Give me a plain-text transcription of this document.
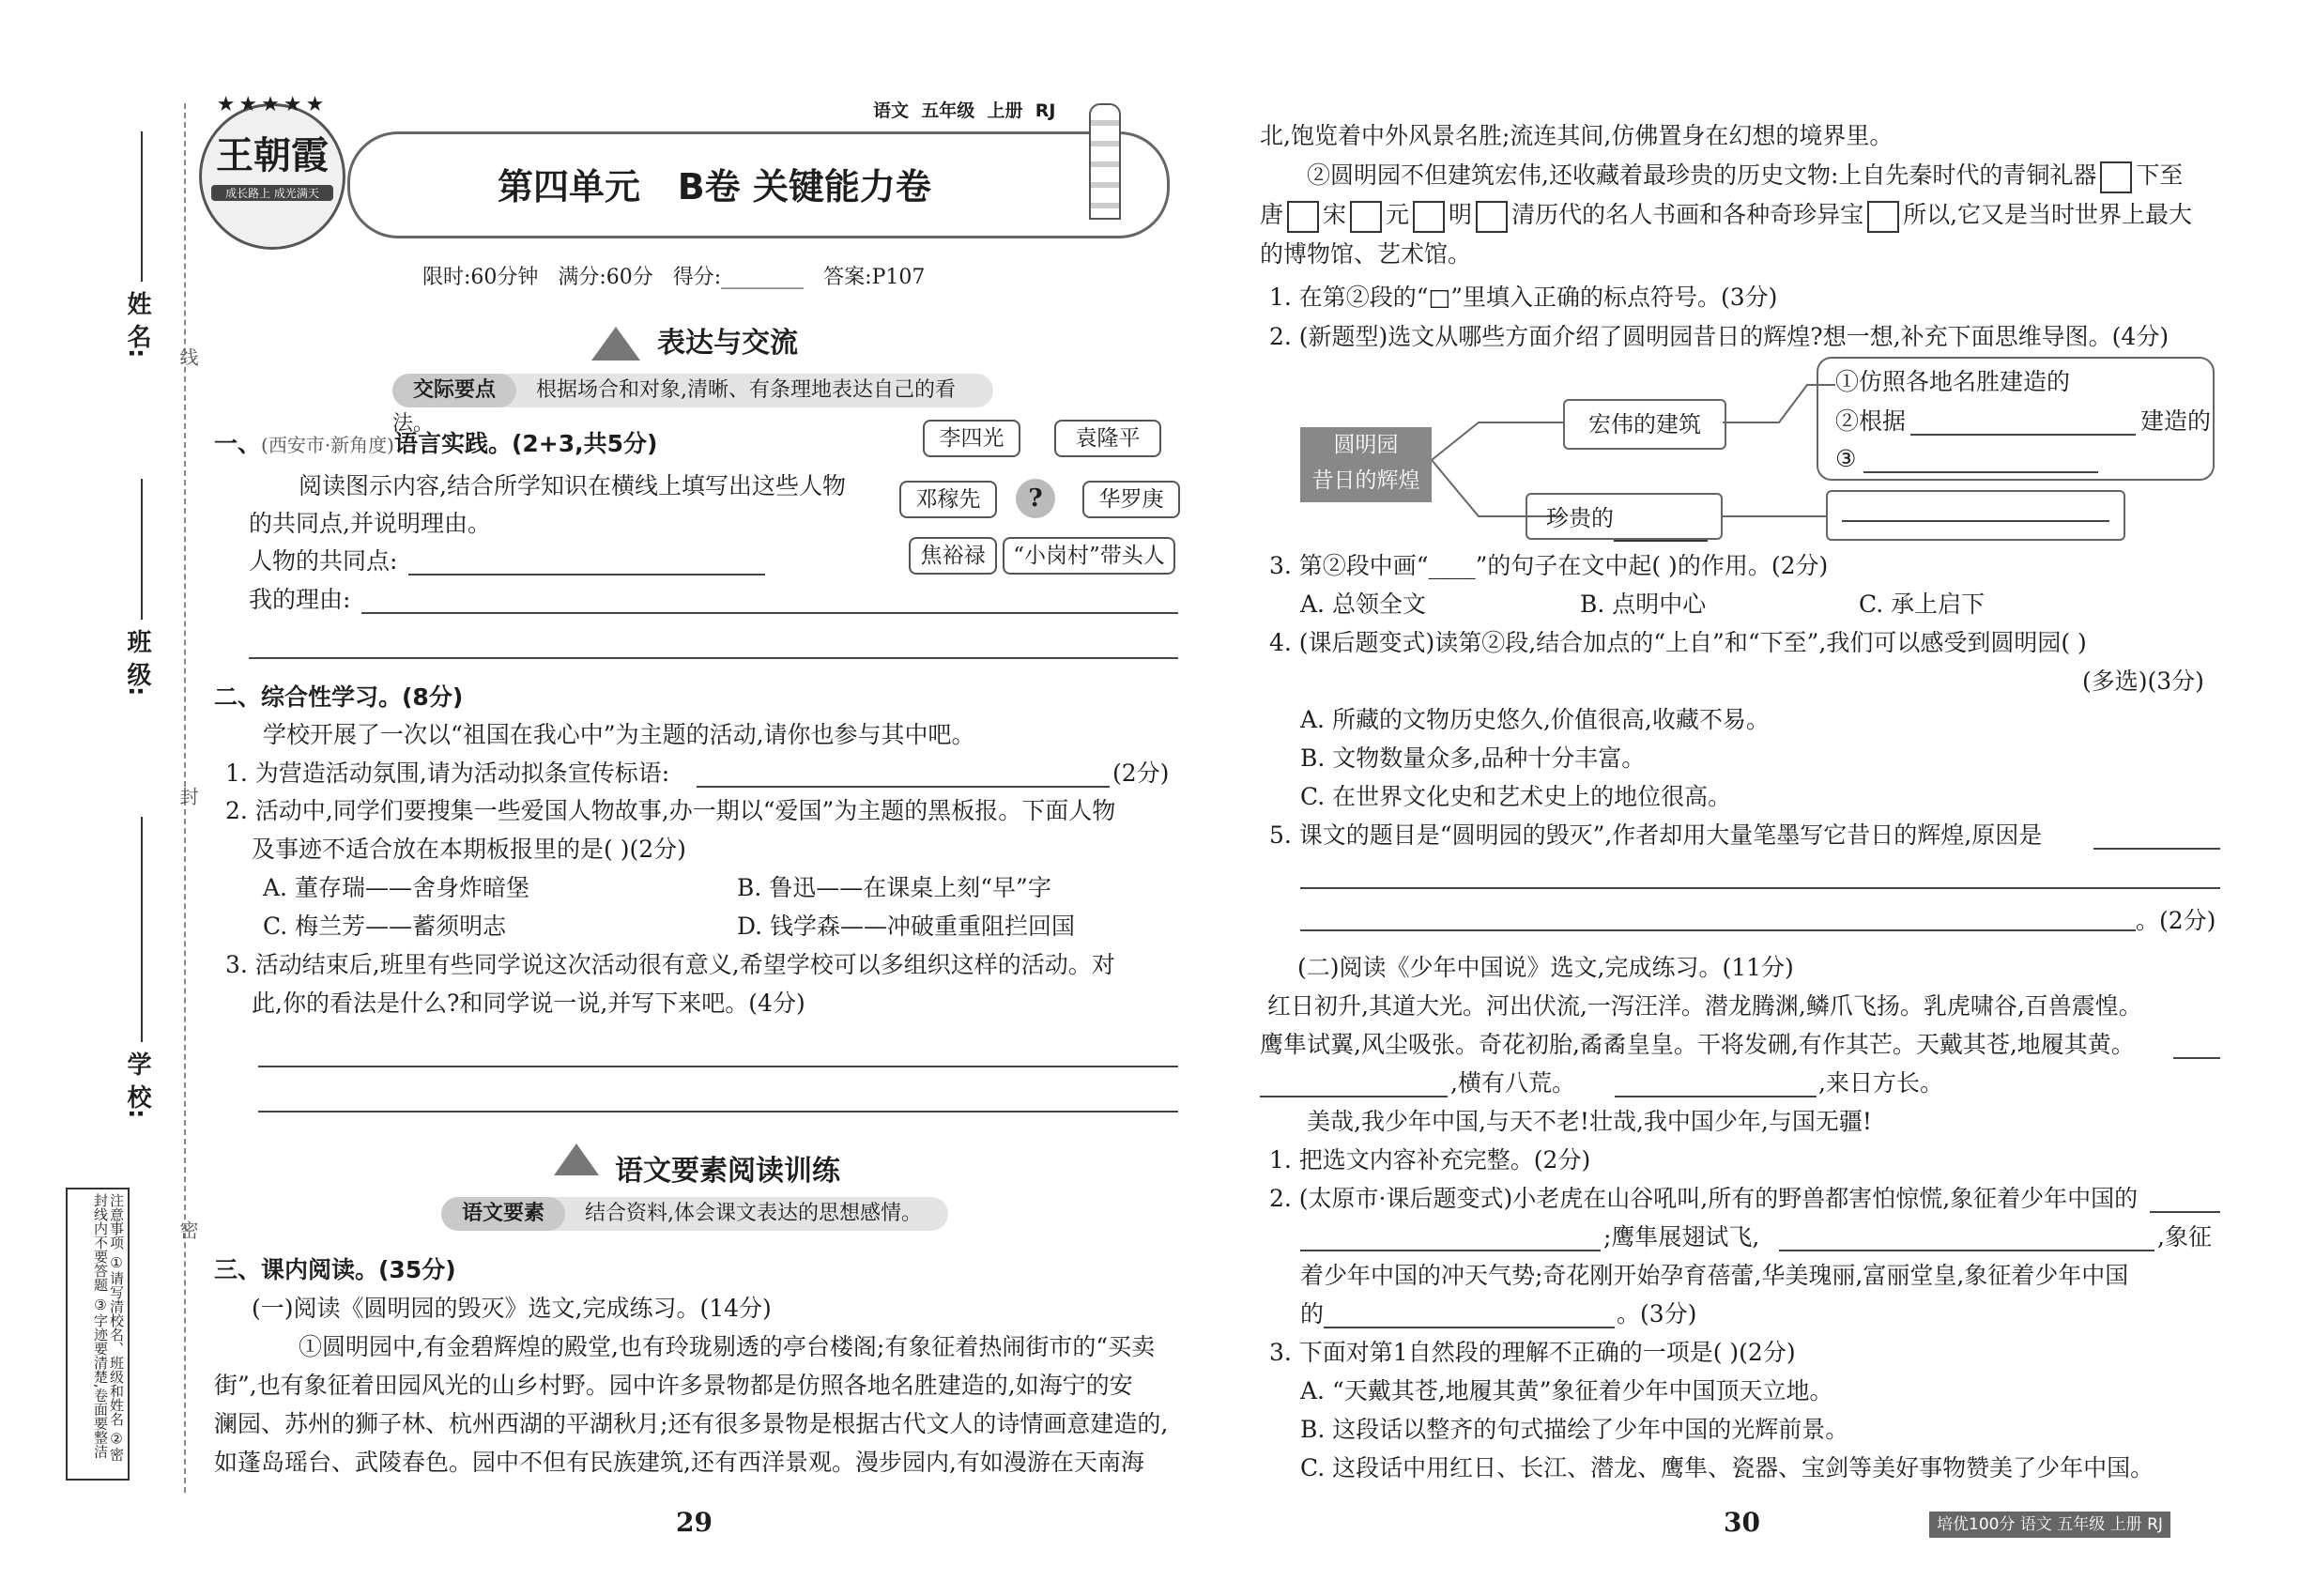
姓 名:
班 级:
学 校:
线
封
密
注意事项 ①请写清校名、班级和姓名 ②密封线内不要答题 ③字迹要清楚,卷面要整洁
★★★★★
王朝霞
成长路上 成光满天
语文  五年级  上册  RJ
第四单元   B卷 关键能力卷
限时:60分钟   满分:60分   得分:________   答案:P107
表达与交流
交际要点 根据场合和对象,清晰、有条理地表达自己的看法。
一、(西安市·新角度)语言实践。(2+3,共5分)
阅读图示内容,结合所学知识在横线上填写出这些人物
的共同点,并说明理由。
人物的共同点:
我的理由:
李四光	袁隆平
邓稼先	?	华罗庚
焦裕禄	“小岗村”带头人
二、综合性学习。(8分)
学校开展了一次以“祖国在我心中”为主题的活动,请你也参与其中吧。
1. 为营造活动氛围,请为活动拟条宣传标语:	(2分)
2. 活动中,同学们要搜集一些爱国人物故事,办一期以“爱国”为主题的黑板报。下面人物
及事迹不适合放在本期板报里的是( )(2分)
A. 董存瑞——舍身炸暗堡	B. 鲁迅——在课桌上刻“早”字
C. 梅兰芳——蓄须明志	D. 钱学森——冲破重重阻拦回国
3. 活动结束后,班里有些同学说这次活动很有意义,希望学校可以多组织这样的活动。对
此,你的看法是什么?和同学说一说,并写下来吧。(4分)
语文要素阅读训练
语文要素 结合资料,体会课文表达的思想感情。
三、课内阅读。(35分)
(一)阅读《圆明园的毁灭》选文,完成练习。(14分)
①圆明园中,有金碧辉煌的殿堂,也有玲珑剔透的亭台楼阁;有象征着热闹街市的“买卖
街”,也有象征着田园风光的山乡村野。园中许多景物都是仿照各地名胜建造的,如海宁的安
澜园、苏州的狮子林、杭州西湖的平湖秋月;还有很多景物是根据古代文人的诗情画意建造的,
如蓬岛瑶台、武陵春色。园中不但有民族建筑,还有西洋景观。漫步园内,有如漫游在天南海
29
北,饱览着中外风景名胜;流连其间,仿佛置身在幻想的境界里。
②圆明园不但建筑宏伟,还收藏着最珍贵的历史文物:上自先秦时代的青铜礼器 下至
唐 宋 元 明 清历代的名人书画和各种奇珍异宝 所以,它又是当时世界上最大
的博物馆、艺术馆。
1. 在第②段的“□”里填入正确的标点符号。(3分)
2. (新题型)选文从哪些方面介绍了圆明园昔日的辉煌?想一想,补充下面思维导图。(4分)
圆明园
昔日的辉煌
宏伟的建筑
①仿照各地名胜建造的
②根据	建造的
③
珍贵的
3. 第②段中画“____”的句子在文中起( )的作用。(2分)
A. 总领全文	B. 点明中心	C. 承上启下
4. (课后题变式)读第②段,结合加点的“上自”和“下至”,我们可以感受到圆明园( )
(多选)(3分)
A. 所藏的文物历史悠久,价值很高,收藏不易。
B. 文物数量众多,品种十分丰富。
C. 在世界文化史和艺术史上的地位很高。
5. 课文的题目是“圆明园的毁灭”,作者却用大量笔墨写它昔日的辉煌,原因是
。(2分)
(二)阅读《少年中国说》选文,完成练习。(11分)
红日初升,其道大光。河出伏流,一泻汪洋。潜龙腾渊,鳞爪飞扬。乳虎啸谷,百兽震惶。
鹰隼试翼,风尘吸张。奇花初胎,矞矞皇皇。干将发硎,有作其芒。天戴其苍,地履其黄。
,横有八荒。	,来日方长。
美哉,我少年中国,与天不老!壮哉,我中国少年,与国无疆!
1. 把选文内容补充完整。(2分)
2. (太原市·课后题变式)小老虎在山谷吼叫,所有的野兽都害怕惊慌,象征着少年中国的
;鹰隼展翅试飞,	,象征
着少年中国的冲天气势;奇花刚开始孕育蓓蕾,华美瑰丽,富丽堂皇,象征着少年中国
的	。(3分)
3. 下面对第1自然段的理解不正确的一项是( )(2分)
A. “天戴其苍,地履其黄”象征着少年中国顶天立地。
B. 这段话以整齐的句式描绘了少年中国的光辉前景。
C. 这段话中用红日、长江、潜龙、鹰隼、瓷器、宝剑等美好事物赞美了少年中国。
30	培优100分 语文 五年级 上册 RJ
